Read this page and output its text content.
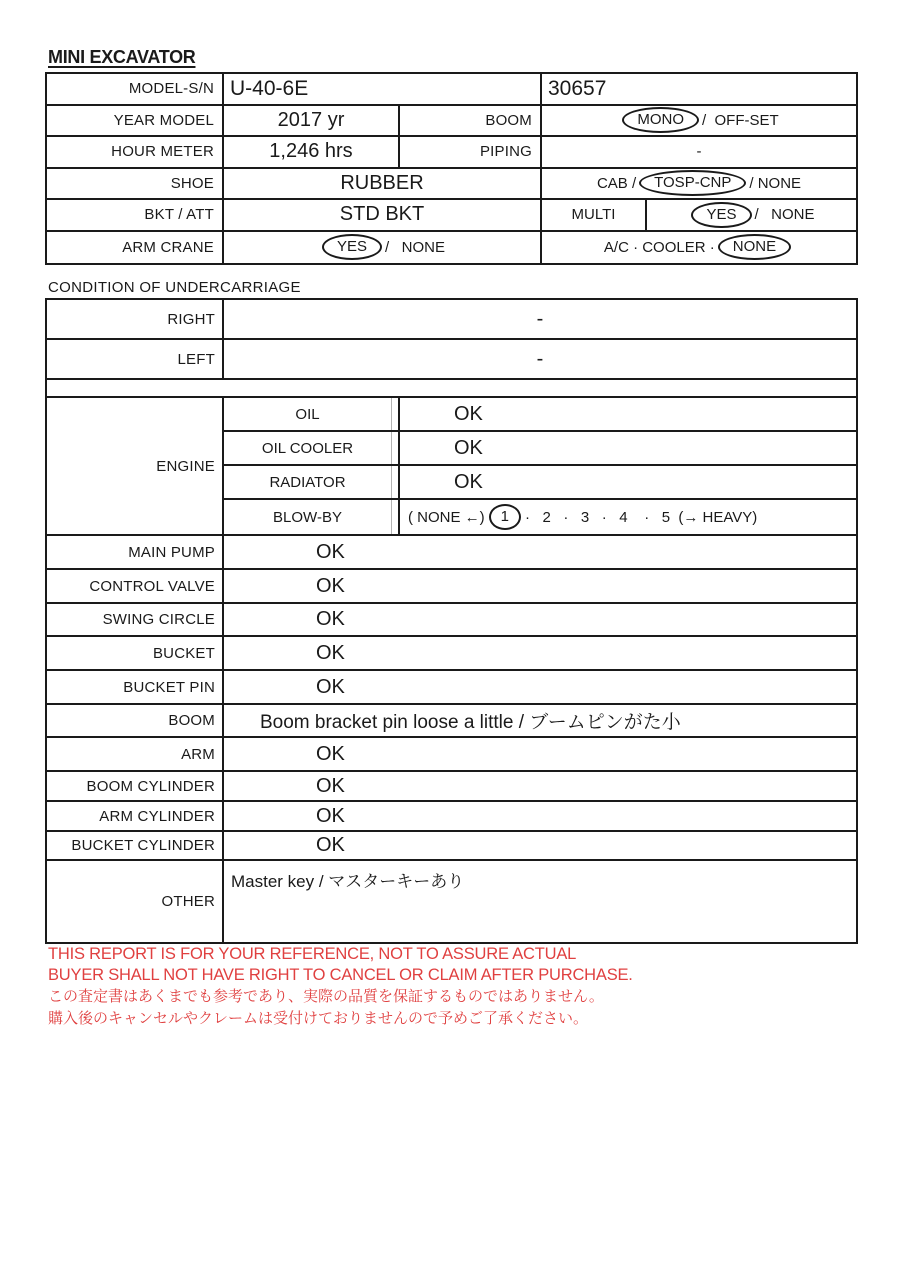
MINI EXCAVATOR
MODEL-S/N U-40-6E	30657
YEAR MODEL	2017 yr	BOOM	MONO	/  OFF-SET
HOUR METER	1,246 hrs	PIPING	-
SHOE	RUBBER	CAB /	TOSP-CNP	/ NONE
BKT / ATT	STD BKT	MULTI	YES	/   NONE
ARM CRANE	YES	/   NONE	A/C · COOLER ·	NONE
CONDITION OF UNDERCARRIAGE
RIGHT	-
LEFT	-
ENGINE
OIL	OK
OIL COOLER	OK
RADIATOR	OK
BLOW-BY	( NONE ←)	1	·   2   ·   3   ·   4    ·   5 (→ HEAVY)
MAIN PUMP	OK
CONTROL VALVE	OK
SWING CIRCLE	OK
BUCKET	OK
BUCKET PIN	OK
BOOM	Boom bracket pin loose a little / ブームピンがた小
ARM	OK
BOOM CYLINDER	OK
ARM CYLINDER	OK
BUCKET CYLINDER	OK
OTHER
Master key / マスターキーあり
THIS REPORT IS FOR YOUR REFERENCE, NOT TO ASSURE ACTUAL
BUYER SHALL NOT HAVE RIGHT TO CANCEL OR CLAIM AFTER PURCHASE.
この査定書はあくまでも参考であり、実際の品質を保証するものではありません。
購入後のキャンセルやクレームは受付けておりませんので予めご了承ください。
